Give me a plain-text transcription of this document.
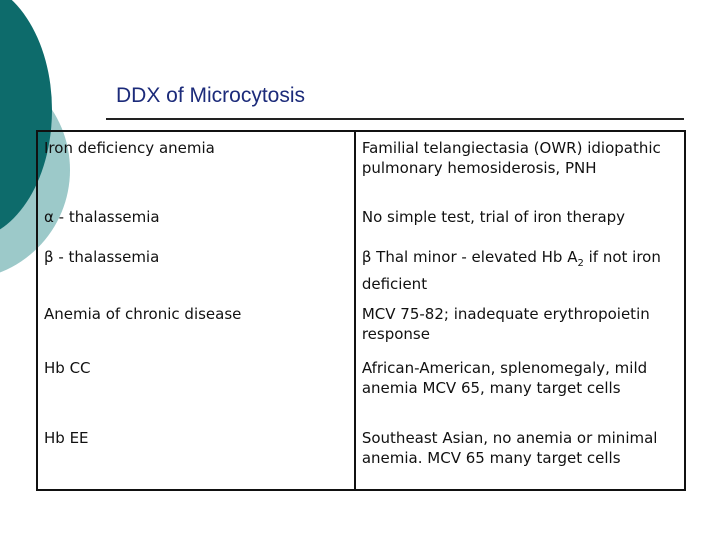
DDX of Microcytosis
Iron deficiency anemia	Familial telangiectasia (OWR) idiopathic pulmonary hemosiderosis, PNH
α - thalassemia	No simple test, trial of iron therapy
β - thalassemia	β Thal minor - elevated Hb $A_2$ if not iron deficient
Anemia of chronic disease	MCV 75-82; inadequate erythropoietin response
Hb CC	African-American, splenomegaly, mild anemia MCV 65, many target cells
Hb EE	Southeast Asian, no anemia or minimal anemia. MCV 65 many target cells
